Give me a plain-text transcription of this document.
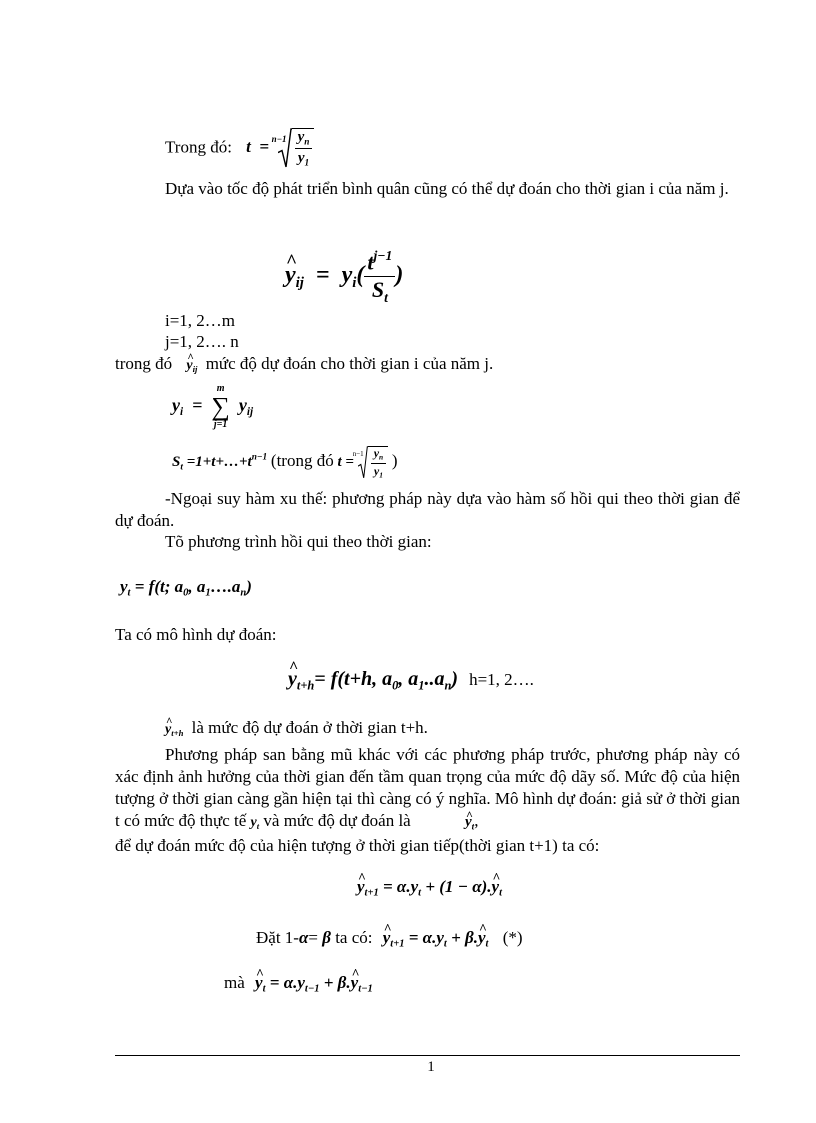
Trong đó: t  =
$n-1 \frac{y_n}{y_1}$
Dựa vào tốc độ phát triển bình quân cũng có thể dự đoán cho thời gian i của năm j.
^ $y_{ij} = y_i( \frac{t^{j-1}}{S_t}$ )
i=1, 2…m
j=1, 2…. n
trong đó ^ $y_{ij}$ mức độ dự đoán cho thời gian i của năm j.
$y_i$  =
m
∑
j=1
$y_{ij}$
$S_t$ $=1+t+\dots+t^{n-1}$ (trong đó t =
$n-1 \frac{y_n}{y_1}$ )
-Ngoại suy hàm xu thế: phương pháp này dựa vào hàm số hồi qui theo thời gian để dự đoán.
Tõ phương trình hồi qui theo thời gian:
$y_t = f(t$; $a_0$, $a_1\dots.a_n$)
Ta có mô hình dự đoán:
^ $y_{t+h}= f(t+h$, $a_0$, $a_1..a_n$) h=1, 2….
^ $y_{t+h}$ là mức độ dự đoán ở thời gian t+h.
Phương pháp san bằng mũ khác với các phương pháp trước, phương pháp này có xác định ảnh hưởng của thời gian đến tầm quan trọng của mức độ dãy số. Mức độ của hiện tượng ở thời gian càng gần hiện tại thì càng có ý nghĩa. Mô hình dự đoán: giả sử ở thời gian t có mức độ thực tế $y_t$ và mức độ dự đoán là	^ $y_t$,
để dự đoán mức độ của hiện tượng ở thời gian tiếp(thời gian t+1) ta có:
^ $y_{t+1} = \alpha.y_t + (1$ − α).^ $y_t$
Đặt 1-α= β ta có: ^ $y_{t+1} = \alpha.y_t$ + β.^ $y_t$ (*)
mà ^ $y_t = \alpha.y_{t-1}$ + β.^ $y_{t-1}$
1
